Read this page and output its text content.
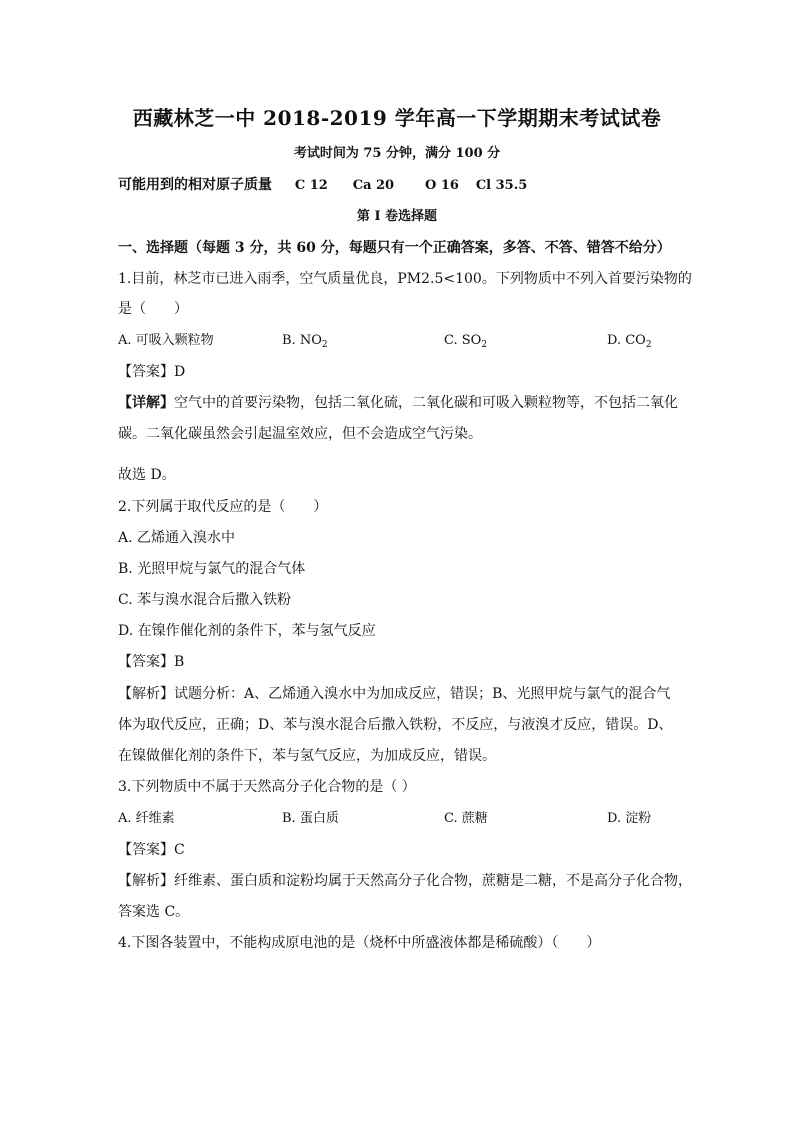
西藏林芝一中 2018-2019 学年高一下学期期末考试试卷
考试时间为 75 分钟，满分 100 分
可能用到的相对原子质量 C 12 Ca 20 O 16 Cl 35.5
第 I 卷选择题
一、选择题（每题 3 分，共 60 分，每题只有一个正确答案，多答、不答、错答不给分）
1.目前，林芝市已进入雨季，空气质量优良，PM2.5<100。下列物质中不列入首要污染物的
是（　　）
A. 可吸入颗粒物	B. $NO_2$	C. $SO_2$	D. $CO_2$
【答案】D
【详解】空气中的首要污染物，包括二氧化硫，二氧化碳和可吸入颗粒物等，不包括二氧化
碳。二氧化碳虽然会引起温室效应，但不会造成空气污染。
故选 D。
2.下列属于取代反应的是（　　）
A. 乙烯通入溴水中
B. 光照甲烷与氯气的混合气体
C. 苯与溴水混合后撒入铁粉
D. 在镍作催化剂的条件下，苯与氢气反应
【答案】B
【解析】试题分析：A、乙烯通入溴水中为加成反应，错误；B、光照甲烷与氯气的混合气
体为取代反应，正确；D、苯与溴水混合后撒入铁粉，不反应，与液溴才反应，错误。D、
在镍做催化剂的条件下，苯与氢气反应，为加成反应，错误。
3.下列物质中不属于天然高分子化合物的是（ ）
A. 纤维素	B. 蛋白质	C. 蔗糖	D. 淀粉
【答案】C
【解析】纤维素、蛋白质和淀粉均属于天然高分子化合物，蔗糖是二糖，不是高分子化合物，
答案选 C。
4.下图各装置中，不能构成原电池的是（烧杯中所盛液体都是稀硫酸）（　　）
